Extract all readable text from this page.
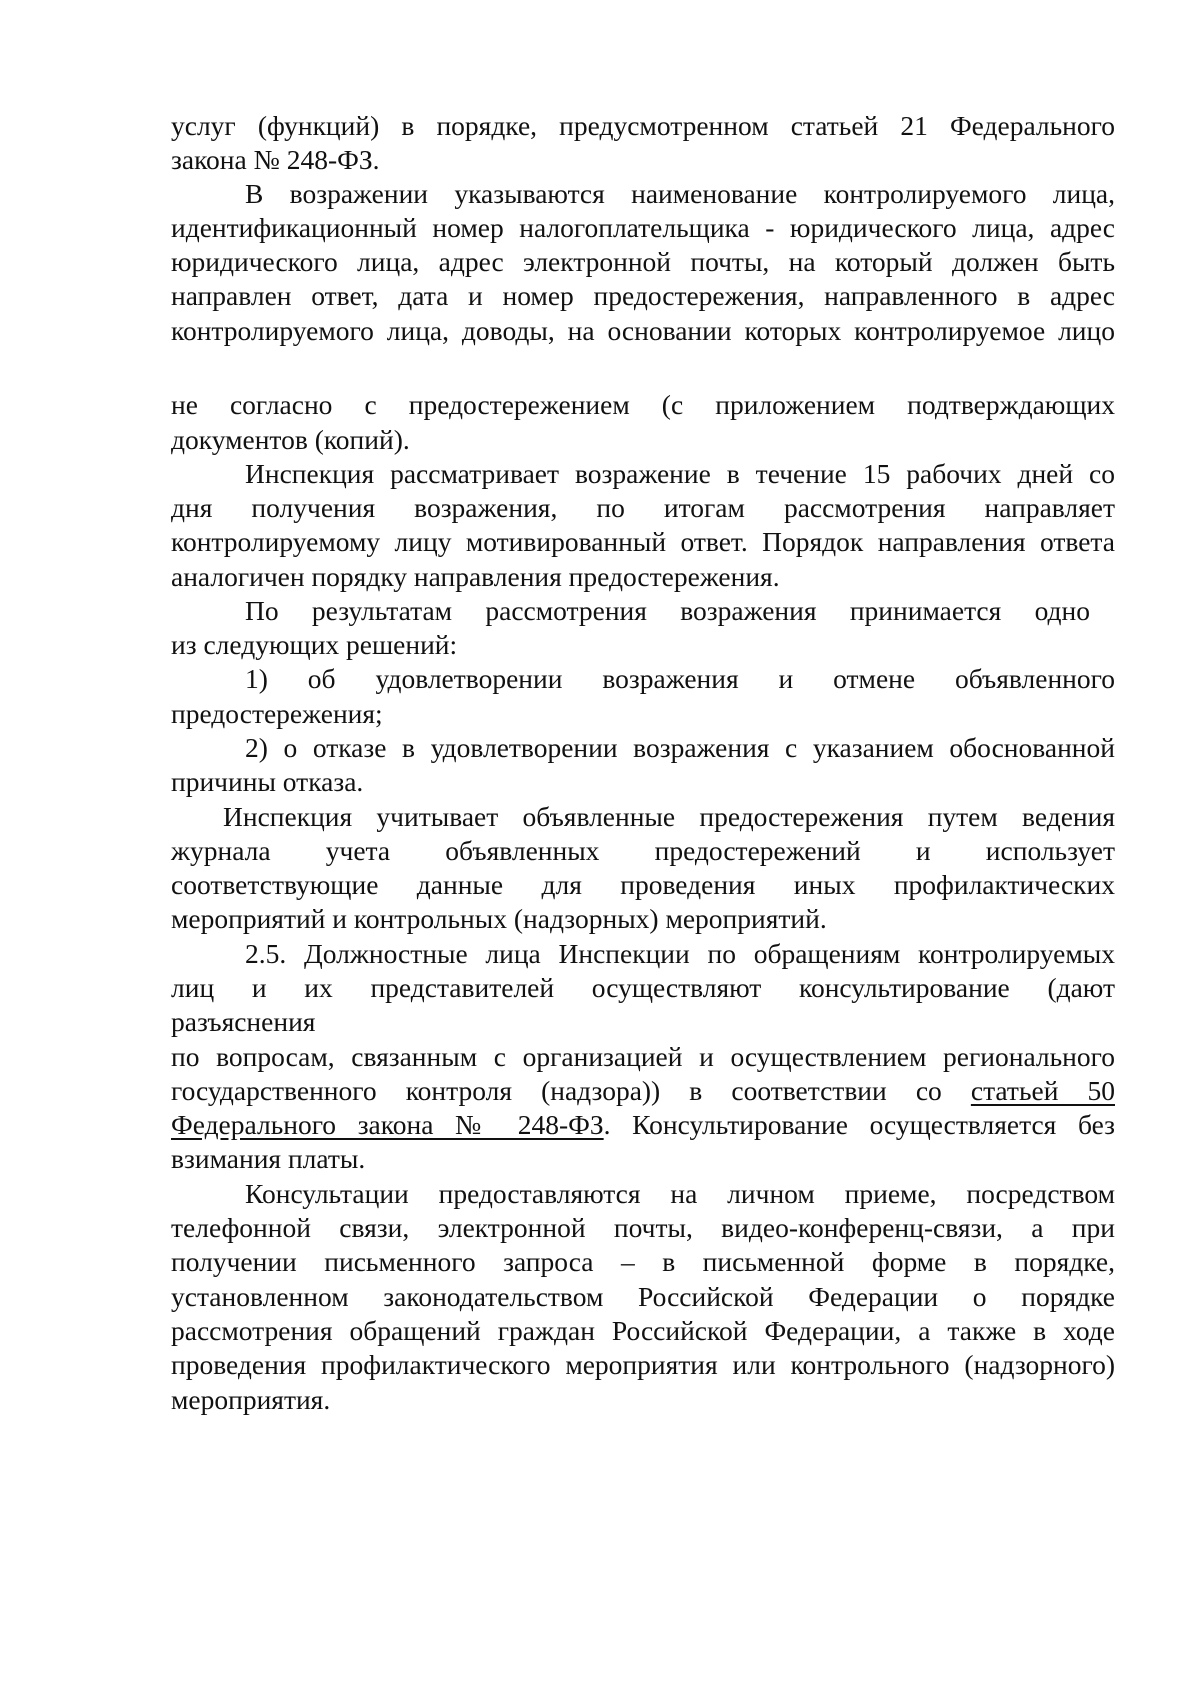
услуг (функций) в порядке, предусмотренном статьей 21 Федерального
закона № 248-ФЗ.
В возражении указываются наименование контролируемого лица,
идентификационный номер налогоплательщика - юридического лица, адрес
юридического лица, адрес электронной почты, на который должен быть
направлен ответ, дата и номер предостережения, направленного в адрес
контролируемого лица, доводы, на основании которых контролируемое лицо
не согласно с предостережением (с приложением подтверждающих
документов (копий).
Инспекция рассматривает возражение в течение 15 рабочих дней со
дня получения возражения, по итогам рассмотрения направляет
контролируемому лицу мотивированный ответ. Порядок направления ответа
аналогичен порядку направления предостережения.
По результатам рассмотрения возражения принимается одно
из следующих решений:
1) об удовлетворении возражения и отмене объявленного
предостережения;
2) о отказе в удовлетворении возражения с указанием обоснованной
причины отказа.
Инспекция учитывает объявленные предостережения путем ведения
журнала учета объявленных предостережений и использует
соответствующие данные для проведения иных профилактических
мероприятий и контрольных (надзорных) мероприятий.
2.5. Должностные лица Инспекции по обращениям контролируемых
лиц и их представителей осуществляют консультирование (дают
разъяснения
по вопросам, связанным с организацией и осуществлением регионального
государственного контроля (надзора)) в соответствии со статьей 50
Федерального закона № 248-ФЗ. Консультирование осуществляется без
взимания платы.
Консультации предоставляются на личном приеме, посредством
телефонной связи, электронной почты, видео-конференц-связи, а при
получении письменного запроса – в письменной форме в порядке,
установленном законодательством Российской Федерации о порядке
рассмотрения обращений граждан Российской Федерации, а также в ходе
проведения профилактического мероприятия или контрольного (надзорного)
мероприятия.
